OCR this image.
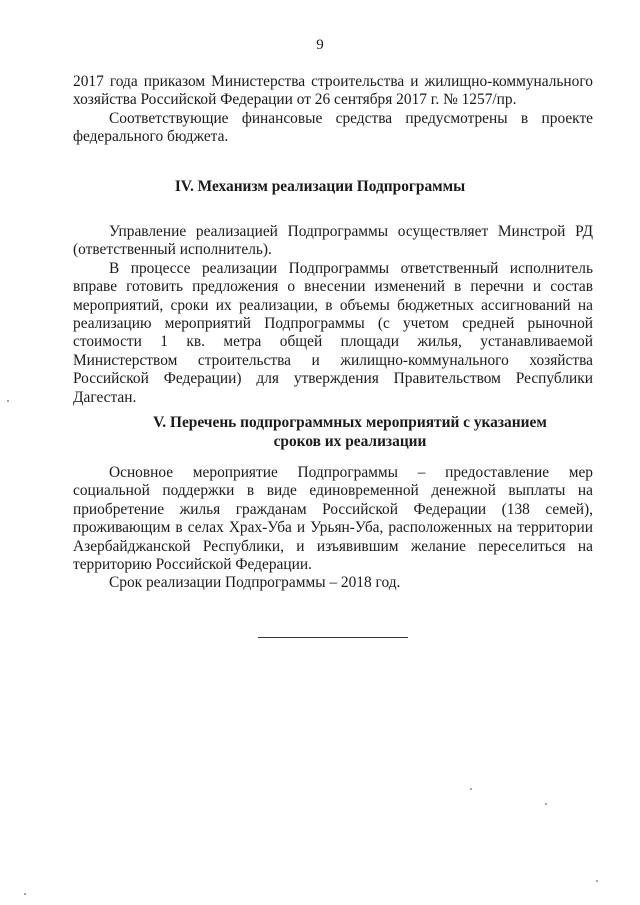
9

2017 года приказом Министерства строительства и жилищно-коммунального хозяйства Российской Федерации от 26 сентября 2017 г. № 1257/пр.

Соответствующие финансовые средства предусмотрены в проекте федерального бюджета.

IV. Механизм реализации Подпрограммы

Управление реализацией Подпрограммы осуществляет Минстрой РД (ответственный исполнитель).

В процессе реализации Подпрограммы ответственный исполнитель вправе готовить предложения о внесении изменений в перечни и состав мероприятий, сроки их реализации, в объемы бюджетных ассигнований на реализацию мероприятий Подпрограммы (с учетом средней рыночной стоимости 1 кв. метра общей площади жилья, устанавливаемой Министерством строительства и жилищно-коммунального хозяйства Российской Федерации) для утверждения Правительством Республики Дагестан.

V. Перечень подпрограммных мероприятий с указанием
сроков их реализации

Основное мероприятие Подпрограммы – предоставление мер социальной поддержки в виде единовременной денежной выплаты на приобретение жилья гражданам Российской Федерации (138 семей), проживающим в селах Храх-Уба и Урьян-Уба, расположенных на территории Азербайджанской Республики, и изъявившим желание переселиться на территорию Российской Федерации.

Срок реализации Подпрограммы – 2018 год.
